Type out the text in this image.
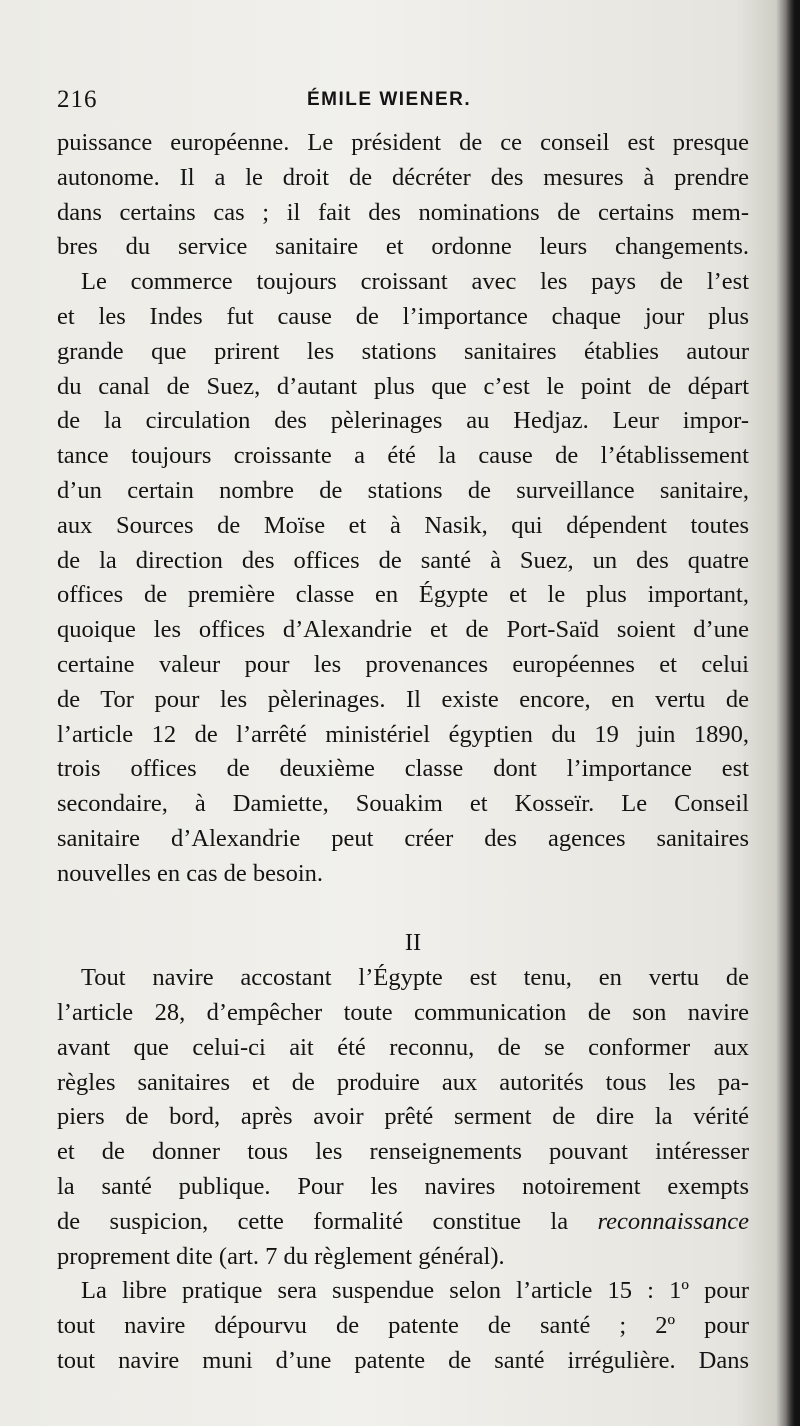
216	ÉMILE WIENER.
puissance européenne. Le président de ce conseil est presque
autonome. Il a le droit de décréter des mesures à prendre
dans certains cas ; il fait des nominations de certains mem-
bres du service sanitaire et ordonne leurs changements.
Le commerce toujours croissant avec les pays de l’est
et les Indes fut cause de l’importance chaque jour plus
grande que prirent les stations sanitaires établies autour
du canal de Suez, d’autant plus que c’est le point de départ
de la circulation des pèlerinages au Hedjaz. Leur impor-
tance toujours croissante a été la cause de l’établissement
d’un certain nombre de stations de surveillance sanitaire,
aux Sources de Moïse et à Nasik, qui dépendent toutes
de la direction des offices de santé à Suez, un des quatre
offices de première classe en Égypte et le plus important,
quoique les offices d’Alexandrie et de Port-Saïd soient d’une
certaine valeur pour les provenances européennes et celui
de Tor pour les pèlerinages. Il existe encore, en vertu de
l’article 12 de l’arrêté ministériel égyptien du 19 juin 1890,
trois offices de deuxième classe dont l’importance est
secondaire, à Damiette, Souakim et Kosseïr. Le Conseil
sanitaire d’Alexandrie peut créer des agences sanitaires
nouvelles en cas de besoin.
II
Tout navire accostant l’Égypte est tenu, en vertu de
l’article 28, d’empêcher toute communication de son navire
avant que celui-ci ait été reconnu, de se conformer aux
règles sanitaires et de produire aux autorités tous les pa-
piers de bord, après avoir prêté serment de dire la vérité
et de donner tous les renseignements pouvant intéresser
la santé publique. Pour les navires notoirement exempts
de suspicion, cette formalité constitue la reconnaissance
proprement dite (art. 7 du règlement général).
La libre pratique sera suspendue selon l’article 15 : 1º pour
tout navire dépourvu de patente de santé ; 2º pour
tout navire muni d’une patente de santé irrégulière. Dans
